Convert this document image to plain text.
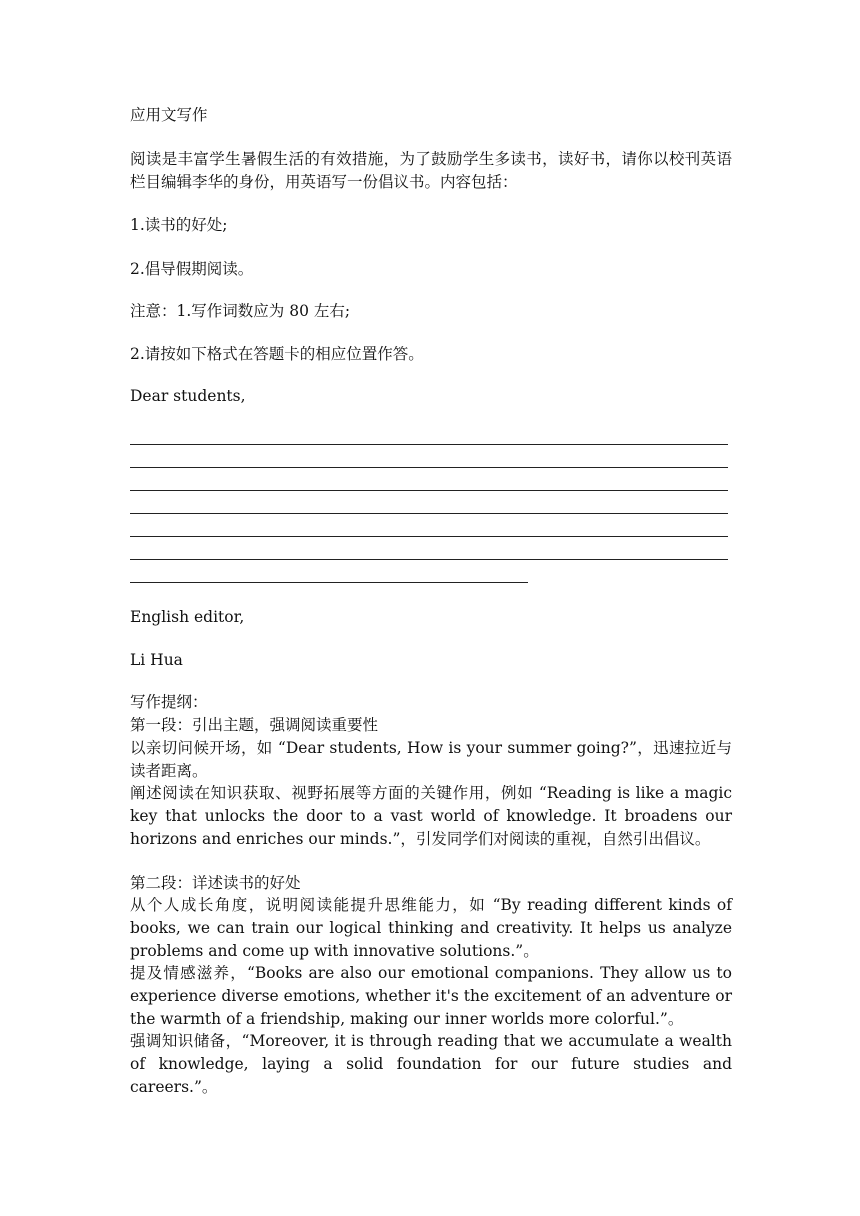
应用文写作
阅读是丰富学生暑假生活的有效措施，为了鼓励学生多读书，读好书，请你以校刊英语栏目编辑李华的身份，用英语写一份倡议书。内容包括：
1.读书的好处;
2.倡导假期阅读。
注意：1.写作词数应为 80 左右;
2.请按如下格式在答题卡的相应位置作答。
Dear students,
English editor,
Li Hua
写作提纲：
第一段：引出主题，强调阅读重要性
以亲切问候开场，如 “Dear students, How is your summer going?”，迅速拉近与读者距离。
阐述阅读在知识获取、视野拓展等方面的关键作用，例如 “Reading is like a magic key that unlocks the door to a vast world of knowledge. It broadens our horizons and enriches our minds.”，引发同学们对阅读的重视，自然引出倡议。
第二段：详述读书的好处
从个人成长角度，说明阅读能提升思维能力，如 “By reading different kinds of books, we can train our logical thinking and creativity. It helps us analyze problems and come up with innovative solutions.”。
提及情感滋养，“Books are also our emotional companions. They allow us to experience diverse emotions, whether it's the excitement of an adventure or the warmth of a friendship, making our inner worlds more colorful.”。
强调知识储备，“Moreover, it is through reading that we accumulate a wealth of knowledge, laying a solid foundation for our future studies and careers.”。
